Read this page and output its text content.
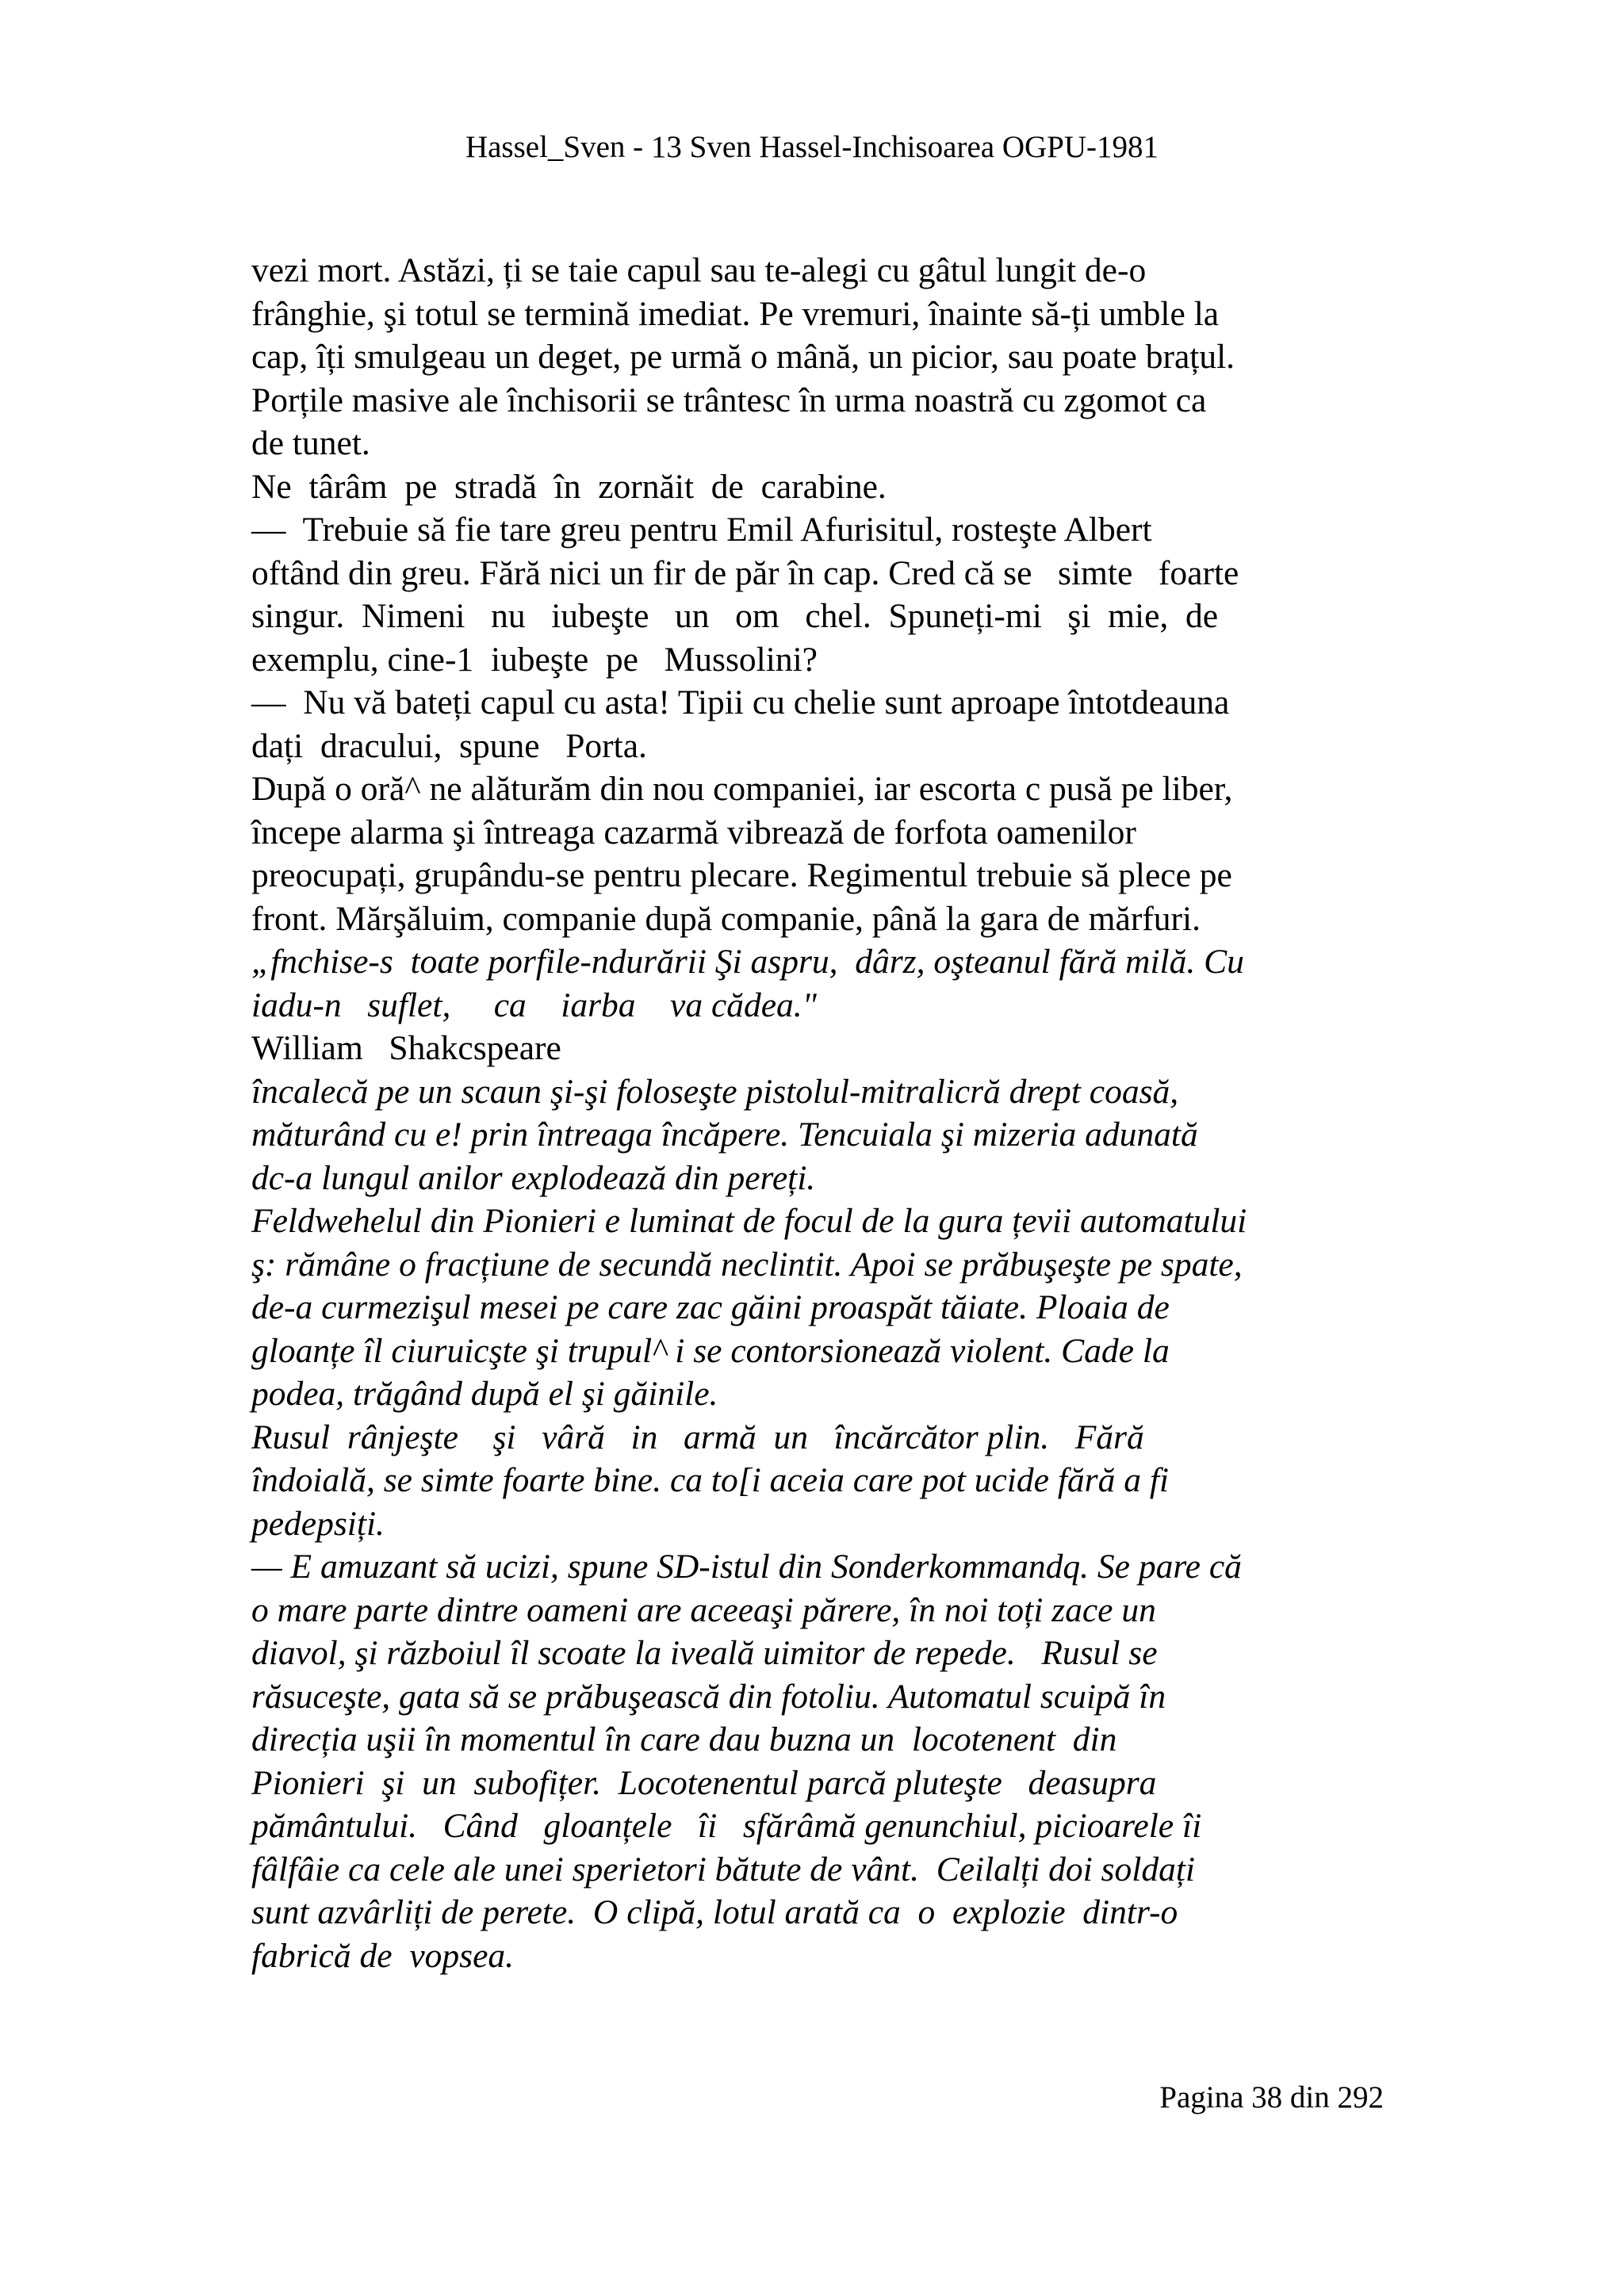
Hassel_Sven - 13 Sven Hassel-Inchisoarea OGPU-1981
vezi mort. Astăzi, ți se taie capul sau te-alegi cu gâtul lungit de-o
frânghie, şi totul se termină imediat. Pe vremuri, înainte să-ți umble la
cap, îți smulgeau un deget, pe urmă o mână, un picior, sau poate brațul.
Porțile masive ale închisorii se trântesc în urma noastră cu zgomot ca
de tunet.
Ne  târâm  pe  stradă  în  zornăit  de  carabine.
—  Trebuie să fie tare greu pentru Emil Afurisitul, rosteşte Albert
oftând din greu. Fără nici un fir de păr în cap. Cred că se   simte   foarte
singur.  Nimeni   nu   iubeşte   un   om   chel.  Spuneți-mi   şi  mie,  de
exemplu, cine-1  iubeşte  pe   Mussolini?
—  Nu vă bateți capul cu asta! Tipii cu chelie sunt aproape întotdeauna
dați  dracului,  spune   Porta.
După o oră^ ne alăturăm din nou companiei, iar escorta c pusă pe liber,
începe alarma şi întreaga cazarmă vibrează de forfota oamenilor
preocupați, grupându-se pentru plecare. Regimentul trebuie să plece pe
front. Mărşăluim, companie după companie, până la gara de mărfuri.
„fnchise-s  toate porfile-ndurării Şi aspru,  dârz, oşteanul fără milă. Cu
iadu-n   suflet,     ca    iarba    va cădea."
William   Shakcspeare
încalecă pe un scaun şi-şi foloseşte pistolul-mitralicră drept coasă,
măturând cu e! prin întreaga încăpere. Tencuiala şi mizeria adunată
dc-a lungul anilor explodează din pereți.
Feldwehelul din Pionieri e luminat de focul de la gura țevii automatului
ş: rămâne o fracțiune de secundă neclintit. Apoi se prăbuşeşte pe spate,
de-a curmezişul mesei pe care zac găini proaspăt tăiate. Ploaia de
gloanțe îl ciuruicşte şi trupul^ i se contorsionează violent. Cade la
podea, trăgând după el şi găinile.
Rusul  rânjeşte    şi   vâră   in   armă  un   încărcător plin.   Fără
îndoială, se simte foarte bine. ca to[i aceia care pot ucide fără a fi
pedepsiți.
— E amuzant să ucizi, spune SD-istul din Sonderkommandq. Se pare că
o mare parte dintre oameni are aceeaşi părere, în noi toți zace un
diavol, şi războiul îl scoate la iveală uimitor de repede.   Rusul se
răsuceşte, gata să se prăbuşească din fotoliu. Automatul scuipă în
direcția uşii în momentul în care dau buzna un  locotenent  din
Pionieri  şi  un  subofițer.  Locotenentul parcă pluteşte   deasupra
pământului.   Când   gloanțele   îi   sfărâmă genunchiul, picioarele îi
fâlfâie ca cele ale unei sperietori bătute de vânt.  Ceilalți doi soldați
sunt azvârliți de perete.  O clipă, lotul arată ca  o  explozie  dintr-o
fabrică de  vopsea.
Pagina 38 din 292
